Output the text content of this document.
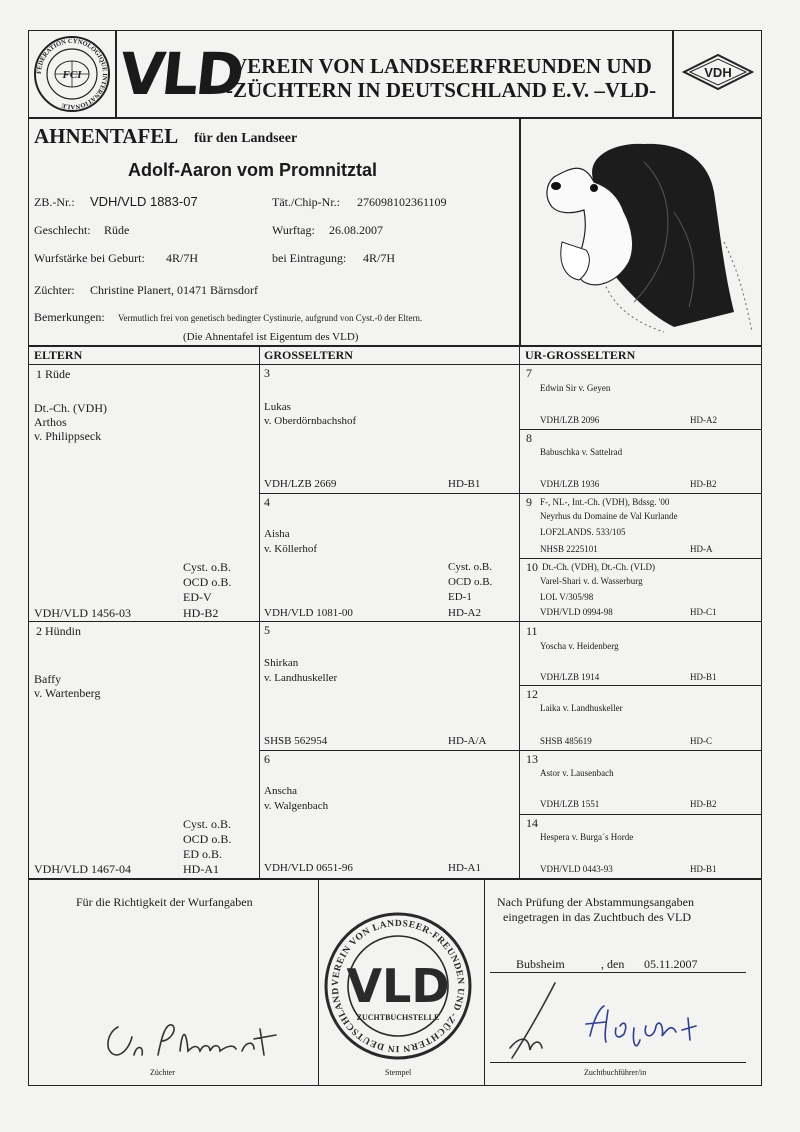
FÉDÉRATION CYNOLOGIQUE INTERNATIONALE
FCI VLD
VEREIN VON LANDSEERFREUNDEN UND
-ZÜCHTERN IN DEUTSCHLAND E.V. –VLD-
VDH
AHNENTAFEL für den Landseer
Adolf-Aaron vom Promnitztal
ZB.-Nr.: VDH/VLD 1883-07	Tät./Chip-Nr.: 276098102361109
Geschlecht: Rüde	Wurftag: 26.08.2007
Wurfstärke bei Geburt: 4R/7H	bei Eintragung: 4R/7H
Züchter: Christine Planert, 01471 Bärnsdorf
Bemerkungen: Vermutlich frei von genetisch bedingter Cystinurie, aufgrund von Cyst.-0 der Eltern.
(Die Ahnentafel ist Eigentum des VLD)
ELTERN	GROSSELTERN	UR-GROSSELTERN
1 Rüde
Dt.-Ch. (VDH)
Arthos
v. Philippseck
Cyst. o.B.
OCD o.B.
ED-V
HD-B2
VDH/VLD 1456-03
2 Hündin
Baffy
v. Wartenberg
Cyst. o.B.
OCD o.B.
ED o.B.
HD-A1
VDH/VLD 1467-04
3
Lukas
v. Oberdörnbachshof
VDH/LZB 2669	HD-B1
4
Aisha
v. Köllerhof
Cyst. o.B.
OCD o.B.
ED-1
VDH/VLD 1081-00	HD-A2
5
Shirkan
v. Landhuskeller
SHSB 562954	HD-A/A
6
Anscha
v. Walgenbach
VDH/VLD 0651-96	HD-A1
7
Edwin Sir v. Geyen
VDH/LZB 2096	HD-A2
8
Babuschka v. Sattelrad
VDH/LZB 1936	HD-B2
9 F-, NL-, Int.-Ch. (VDH), Bdssg. '00
Neyrhus du Domaine de Val Kurlande
LOF2LANDS. 533/105
NHSB 2225101	HD-A
10 Dt.-Ch. (VDH), Dt.-Ch. (VLD)
Varel-Shari v. d. Wasserburg
LOL V/305/98
VDH/VLD 0994-98	HD-C1
11
Yoscha v. Heidenberg
VDH/LZB 1914	HD-B1
12
Laika v. Landhuskeller
SHSB 485619	HD-C
13
Astor v. Lausenbach
VDH/LZB 1551	HD-B2
14
Hespera v. Burga´s Horde
VDH/VLD 0443-93	HD-B1
Für die Richtigkeit der Wurfangaben
Züchter
VEREIN VON LANDSEER-FREUNDEN UND -ZÜCHTERN IN DEUTSCHLAND VLD
ZUCHTBUCHSTELLE
Stempel
Nach Prüfung der Abstammungsangaben
eingetragen in das Zuchtbuch des VLD
Bubsheim	, den 05.11.2007
Zuchtbuchführer/in
